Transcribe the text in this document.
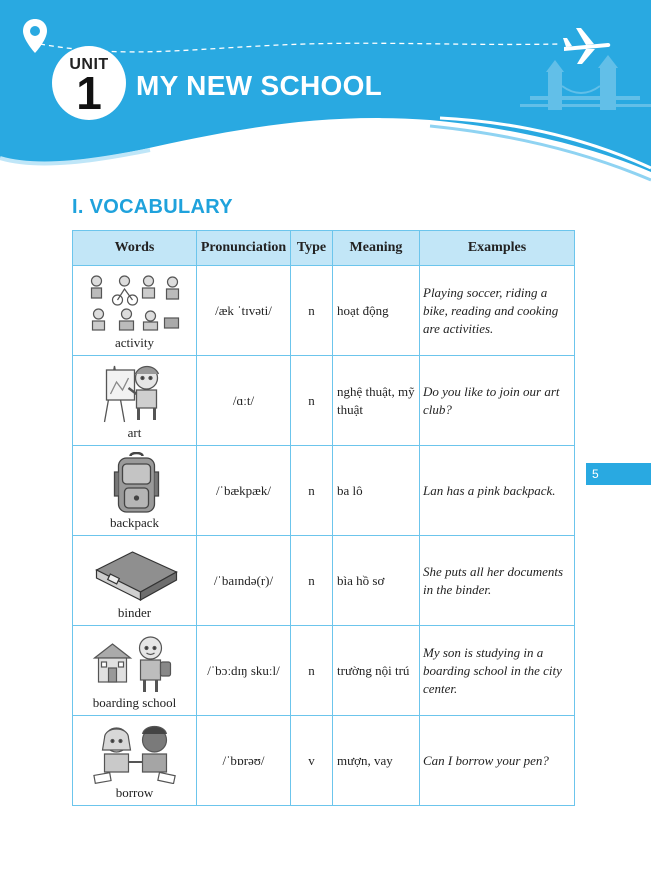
UNIT
1	MY NEW SCHOOL
I. VOCABULARY
5
Words	Pronunciation	Type	Meaning	Examples

activity	/æk ˈtɪvəti/	n	hoạt động	Playing soccer, riding a bike, reading and cooking are activities.

art	/ɑːt/	n	nghệ thuật, mỹ thuật	Do you like to join our art club?

backpack	/ˈbækpæk/	n	ba lô	Lan has a pink backpack.

binder	/ˈbaɪndə(r)/	n	bìa hồ sơ	She puts all her documents in the binder.

boarding school	/ˈbɔːdɪŋ skuːl/	n	trường nội trú	My son is studying in a boarding school in the city center.

borrow	/ˈbɒrəʊ/	v	mượn, vay	Can I borrow your pen?
